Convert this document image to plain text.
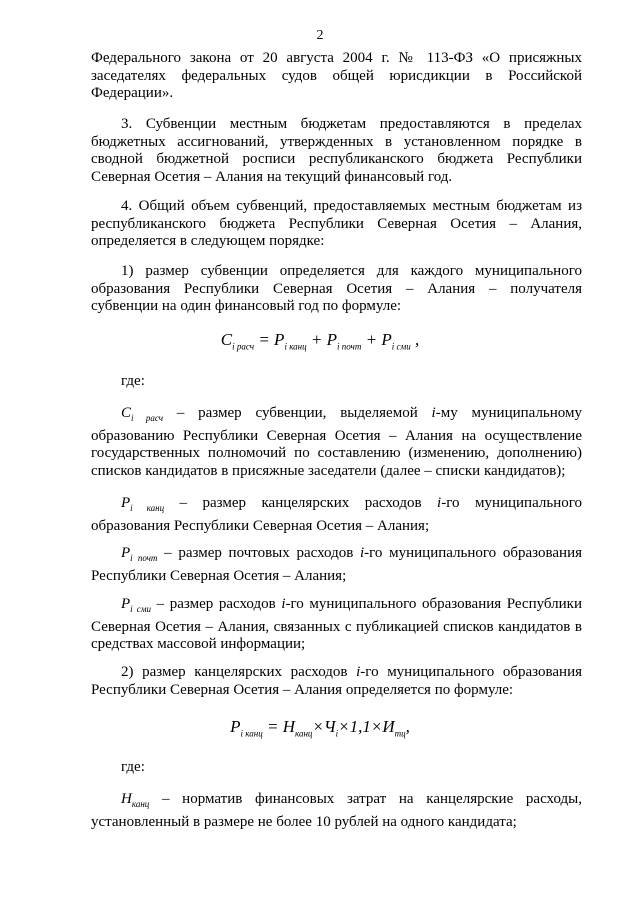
2
Федерального закона от 20 августа 2004 г. № 113-ФЗ «О присяжных заседателях федеральных судов общей юрисдикции в Российской Федерации».
3. Субвенции местным бюджетам предоставляются в пределах бюджетных ассигнований, утвержденных в установленном порядке в сводной бюджетной росписи республиканского бюджета Республики Северная Осетия – Алания на текущий финансовый год.
4. Общий объем субвенций, предоставляемых местным бюджетам из республиканского бюджета Республики Северная Осетия – Алания, определяется в следующем порядке:
1) размер субвенции определяется для каждого муниципального образования Республики Северная Осетия – Алания – получателя субвенции на один финансовый год по формуле:
$C_{i расч} = P_{i канц} + P_{i почт} + P_{i сми}$ ,
где:
$C_{i расч}$ – размер субвенции, выделяемой i-му муниципальному образованию Республики Северная Осетия – Алания на осуществление государственных полномочий по составлению (изменению, дополнению) списков кандидатов в присяжные заседатели (далее – списки кандидатов);
$P_{i канц}$ – размер канцелярских расходов i-го муниципального образования Республики Северная Осетия – Алания;
$P_{i почт}$ – размер почтовых расходов i-го муниципального образования Республики Северная Осетия – Алания;
$P_{i сми}$ – размер расходов i-го муниципального образования Республики Северная Осетия – Алания, связанных с публикацией списков кандидатов в средствах массовой информации;
2) размер канцелярских расходов i-го муниципального образования Республики Северная Осетия – Алания определяется по формуле:
$P_{i канц} = H_{канц}\times Ч_i\times 1,1\times И_{тц}$,
где:
$H_{канц}$ – норматив финансовых затрат на канцелярские расходы, установленный в размере не более 10 рублей на одного кандидата;
